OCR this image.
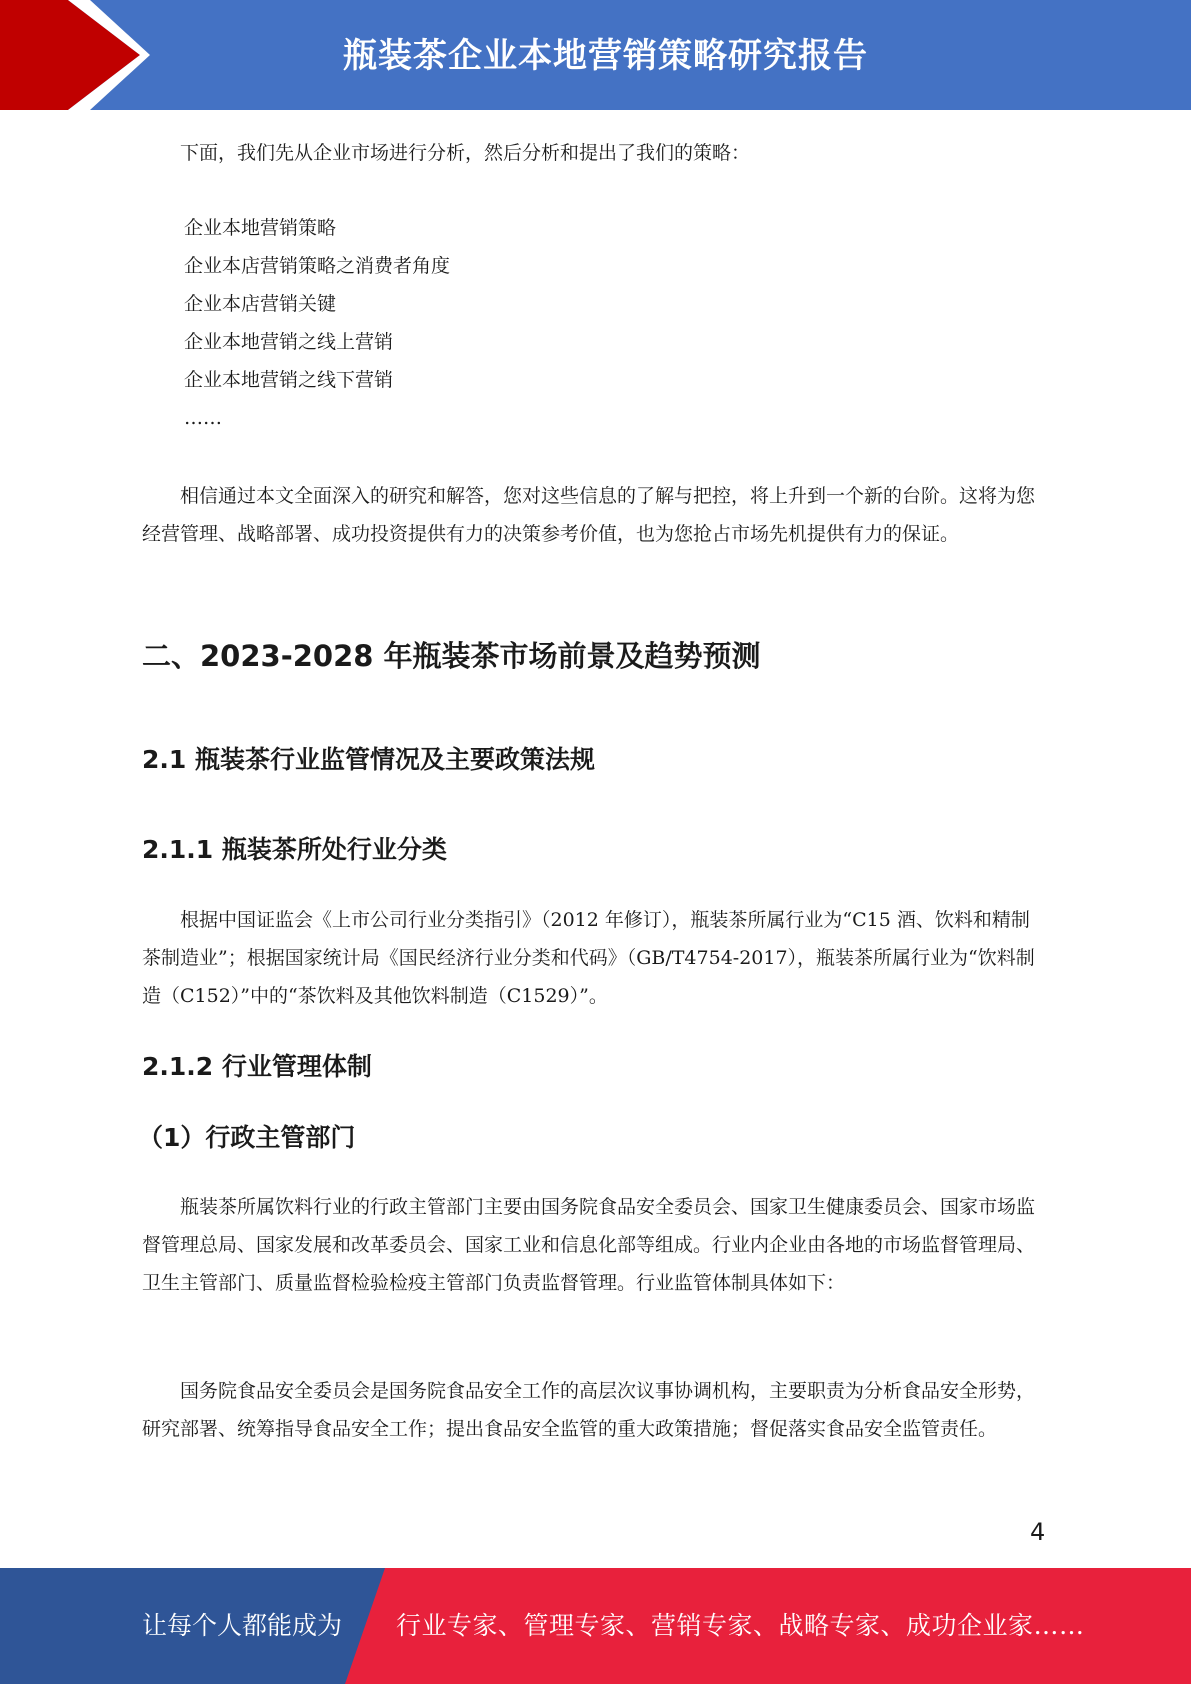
瓶装茶企业本地营销策略研究报告

下面，我们先从企业市场进行分析，然后分析和提出了我们的策略：

企业本地营销策略
企业本店营销策略之消费者角度
企业本店营销关键
企业本地营销之线上营销
企业本地营销之线下营销
……

相信通过本文全面深入的研究和解答，您对这些信息的了解与把控，将上升到一个新的台阶。这将为您经营管理、战略部署、成功投资提供有力的决策参考价值，也为您抢占市场先机提供有力的保证。

二、2023-2028 年瓶装茶市场前景及趋势预测
2.1 瓶装茶行业监管情况及主要政策法规
2.1.1 瓶装茶所处行业分类

根据中国证监会《上市公司行业分类指引》（2012 年修订），瓶装茶所属行业为“C15 酒、饮料和精制茶制造业”；根据国家统计局《国民经济行业分类和代码》（GB/T4754-2017），瓶装茶所属行业为“饮料制造（C152）”中的“茶饮料及其他饮料制造（C1529）”。

2.1.2 行业管理体制
（1）行政主管部门

瓶装茶所属饮料行业的行政主管部门主要由国务院食品安全委员会、国家卫生健康委员会、国家市场监督管理总局、国家发展和改革委员会、国家工业和信息化部等组成。行业内企业由各地的市场监督管理局、卫生主管部门、质量监督检验检疫主管部门负责监督管理。行业监管体制具体如下：

国务院食品安全委员会是国务院食品安全工作的高层次议事协调机构，主要职责为分析食品安全形势，研究部署、统筹指导食品安全工作；提出食品安全监管的重大政策措施；督促落实食品安全监管责任。

4
让每个人都能成为 行业专家、管理专家、营销专家、战略专家、成功企业家……
